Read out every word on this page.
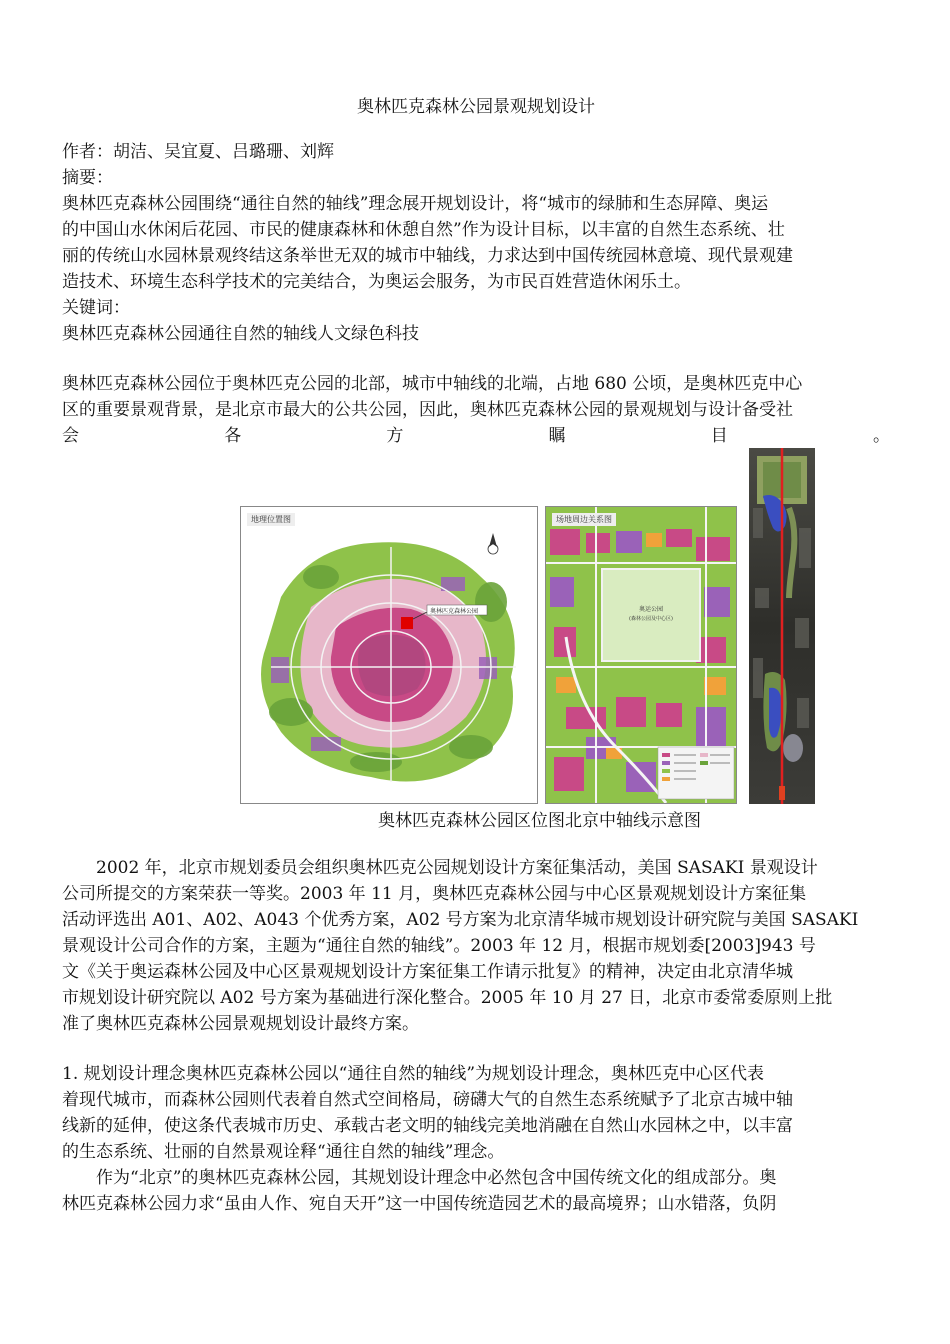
奥林匹克森林公园景观规划设计
作者：胡洁、吴宜夏、吕璐珊、刘辉
摘要：
奥林匹克森林公园围绕“通往自然的轴线”理念展开规划设计，将“城市的绿肺和生态屏障、奥运
的中国山水休闲后花园、市民的健康森林和休憩自然”作为设计目标，以丰富的自然生态系统、壮
丽的传统山水园林景观终结这条举世无双的城市中轴线，力求达到中国传统园林意境、现代景观建
造技术、环境生态科学技术的完美结合，为奥运会服务，为市民百姓营造休闲乐土。
关键词：
奥林匹克森林公园通往自然的轴线人文绿色科技
奥林匹克森林公园位于奥林匹克公园的北部，城市中轴线的北端，占地 680 公顷，是奥林匹克中心
区的重要景观背景，是北京市最大的公共公园，因此，奥林匹克森林公园的景观规划与设计备受社
会	各	方	瞩	目	。
奥林匹克森林公园区位图北京中轴线示意图
2002 年，北京市规划委员会组织奥林匹克公园规划设计方案征集活动，美国 SASAKI 景观设计
公司所提交的方案荣获一等奖。2003 年 11 月，奥林匹克森林公园与中心区景观规划设计方案征集
活动评选出 A01、A02、A043 个优秀方案，A02 号方案为北京清华城市规划设计研究院与美国 SASAKI
景观设计公司合作的方案，主题为“通往自然的轴线”。2003 年 12 月，根据市规划委[2003]943 号
文《关于奥运森林公园及中心区景观规划设计方案征集工作请示批复》的精神，决定由北京清华城
市规划设计研究院以 A02 号方案为基础进行深化整合。2005 年 10 月 27 日，北京市委常委原则上批
准了奥林匹克森林公园景观规划设计最终方案。
1. 规划设计理念奥林匹克森林公园以“通往自然的轴线”为规划设计理念，奥林匹克中心区代表
着现代城市，而森林公园则代表着自然式空间格局，磅礴大气的自然生态系统赋予了北京古城中轴
线新的延伸，使这条代表城市历史、承载古老文明的轴线完美地消融在自然山水园林之中，以丰富
的生态系统、壮丽的自然景观诠释“通往自然的轴线”理念。
作为“北京”的奥林匹克森林公园，其规划设计理念中必然包含中国传统文化的组成部分。奥
林匹克森林公园力求“虽由人作、宛自天开”这一中国传统造园艺术的最高境界；山水错落，负阴
地理位置图
奥林匹克森林公园
场地周边关系图
奥运公园
(森林公园及中心区)
